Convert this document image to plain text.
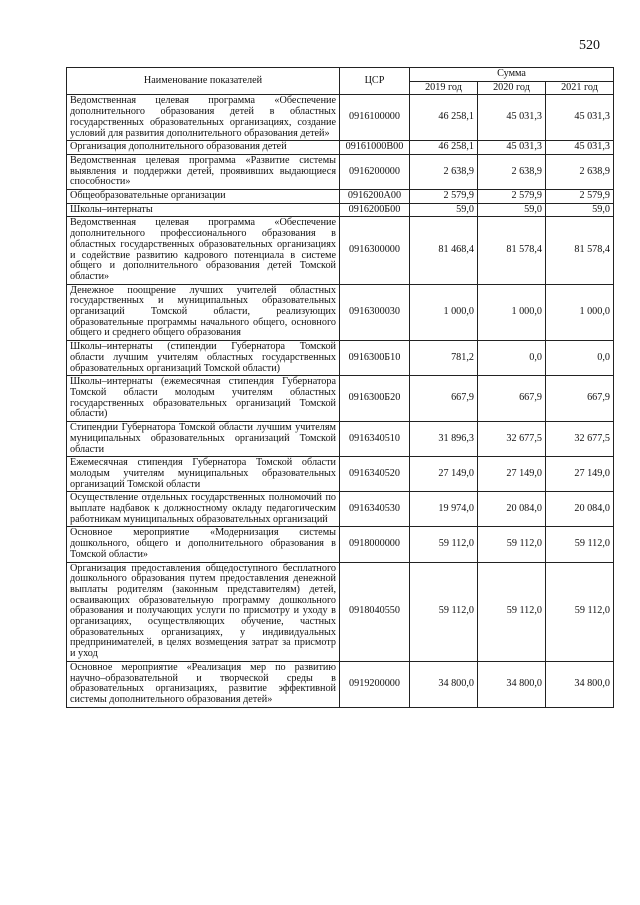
520
Наименование показателей	ЦСР	Сумма		
		2019 год	2020 год	2021 год
Ведомственная целевая программа «Обеспечение дополнительного образования детей в областных государственных образовательных организациях, создание условий для развития дополнительного образования детей»	0916100000	46 258,1	45 031,3	45 031,3
Организация дополнительного образования детей	09161000В00	46 258,1	45 031,3	45 031,3
Ведомственная целевая программа «Развитие системы выявления и поддержки детей, проявивших выдающиеся способности»	0916200000	2 638,9	2 638,9	2 638,9
Общеобразовательные организации	0916200А00	2 579,9	2 579,9	2 579,9
Школы–интернаты	0916200Б00	59,0	59,0	59,0
Ведомственная целевая программа «Обеспечение дополнительного профессионального образования в областных государственных образовательных организациях и содействие развитию кадрового потенциала в системе общего и дополнительного образования детей Томской области»	0916300000	81 468,4	81 578,4	81 578,4
Денежное поощрение лучших учителей областных государственных и муниципальных образовательных организаций Томской области, реализующих образовательные программы начального общего, основного общего и среднего общего образования	0916300030	1 000,0	1 000,0	1 000,0
Школы–интернаты (стипендии Губернатора Томской области лучшим учителям областных государственных образовательных организаций Томской области)	0916300Б10	781,2	0,0	0,0
Школы–интернаты (ежемесячная стипендия Губернатора Томской области молодым учителям областных государственных образовательных организаций Томской области)	0916300Б20	667,9	667,9	667,9
Стипендии Губернатора Томской области лучшим учителям муниципальных образовательных организаций Томской области	0916340510	31 896,3	32 677,5	32 677,5
Ежемесячная стипендия Губернатора Томской области молодым учителям муниципальных образовательных организаций Томской области	0916340520	27 149,0	27 149,0	27 149,0
Осуществление отдельных государственных полномочий по выплате надбавок к должностному окладу педагогическим работникам муниципальных образовательных организаций	0916340530	19 974,0	20 084,0	20 084,0
Основное мероприятие «Модернизация системы дошкольного, общего и дополнительного образования в Томской области»	0918000000	59 112,0	59 112,0	59 112,0
Организация предоставления общедоступного бесплатного дошкольного образования путем предоставления денежной выплаты родителям (законным представителям) детей, осваивающих образовательную программу дошкольного образования и получающих услуги по присмотру и уходу в организациях, осуществляющих обучение, частных образовательных организациях, у индивидуальных предпринимателей, в целях возмещения затрат за присмотр и уход	0918040550	59 112,0	59 112,0	59 112,0
Основное мероприятие «Реализация мер по развитию научно–образовательной и творческой среды в образовательных организациях, развитие эффективной системы дополнительного образования детей»	0919200000	34 800,0	34 800,0	34 800,0
